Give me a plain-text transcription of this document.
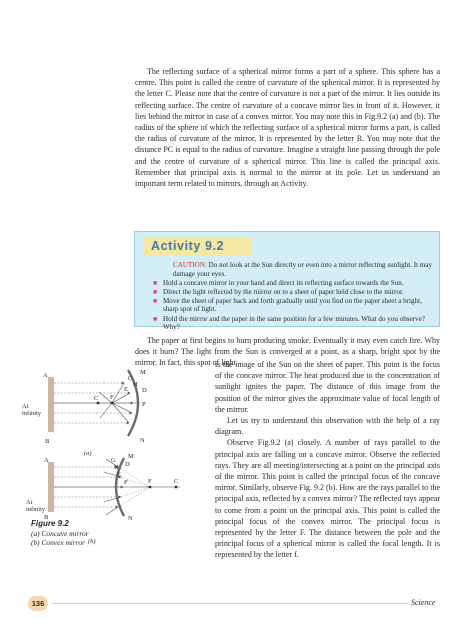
The reflecting surface of a spherical mirror forms a part of a sphere. This sphere has a centre. This point is called the centre of curvature of the spherical mirror. It is represented by the letter C. Please note that the centre of curvature is not a part of the mirror. It lies outside its reflecting surface. The centre of curvature of a concave mirror lies in front of it. However, it lies behind the mirror in case of a convex mirror. You may note this in Fig.9.2 (a) and (b). The radius of the sphere of which the reflecting surface of a spherical mirror forms a part, is called the radius of curvature of the mirror. It is represented by the letter R. You may note that the distance PC is equal to the radius of curvature. Imagine a straight line passing through the pole and the centre of curvature of a spherical mirror. This line is called the principal axis. Remember that principal axis is normal to the mirror at its pole. Let us understand an important term related to mirrors, through an Activity.

Activity 9.2
CAUTION: Do not look at the Sun directly or even into a mirror reflecting sunlight. It may damage your eyes.
■ Hold a concave mirror in your hand and direct its reflecting surface towards the Sun.
■ Direct the light reflected by the mirror on to a sheet of paper held close to the mirror.
■ Move the sheet of paper back and forth gradually until you find on the paper sheet a bright, sharp spot of light.
■ Hold the mirror and the paper in the same position for a few minutes. What do you observe? Why?

The paper at first begins to burn producing smoke. Eventually it may even catch fire. Why does it burn? The light from the Sun is converged at a point, as a sharp, bright spot by the mirror. In fact, this spot of light

is the image of the Sun on the sheet of paper. This point is the focus of the concave mirror. The heat produced due to the concentration of sunlight ignites the paper. The distance of this image from the position of the mirror gives the approximate value of focal length of the mirror.

Let us try to understand this observation with the help of a ray diagram.

Observe Fig.9.2 (a) closely. A number of rays parallel to the principal axis are falling on a concave mirror. Observe the reflected rays. They are all meeting/intersecting at a point on the principal axis of the mirror. This point is called the principal focus of the concave mirror. Similarly, observe Fig. 9.2 (b). How are the rays parallel to the principal axis, reflected by a convex mirror? The reflected rays appear to come from a point on the principal axis. This point is called the principal focus of the convex mirror. The principal focus is represented by the letter F. The distance between the pole and the principal focus of a spherical mirror is called the focal length. It is represented by the letter f.

A
B
M
N
C F
P
D
E
G
H
At
infinity
(a)
A
B
M
N
C
F
P
D
E
G
H
At
infinity
(b)

Figure 9.2

(a) Concave mirror

(b) Convex mirror

136	Science
